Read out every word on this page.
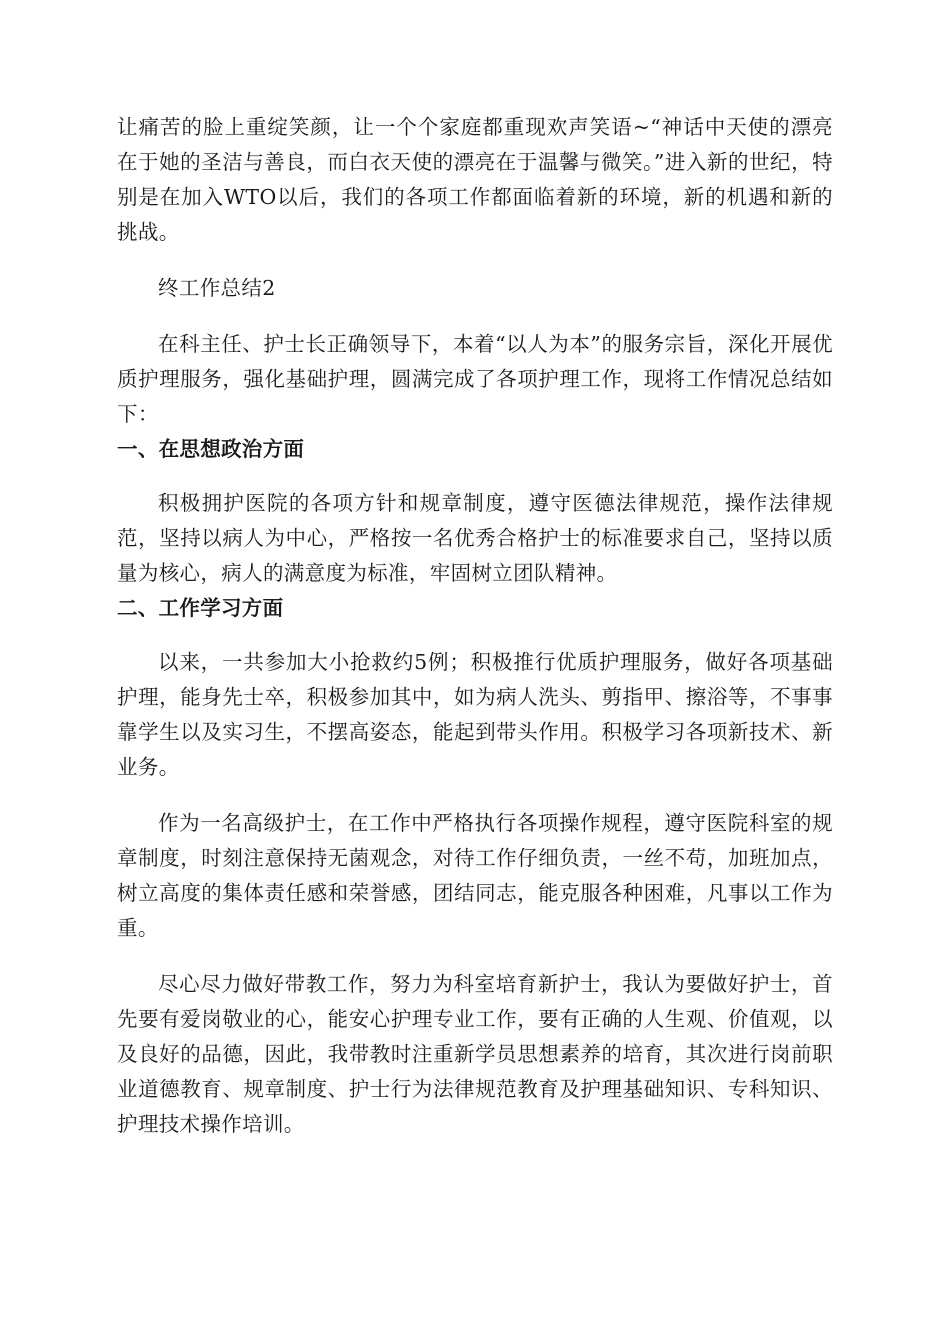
让痛苦的脸上重绽笑颜，让一个个家庭都重现欢声笑语~“神话中天使的漂亮在于她的圣洁与善良，而白衣天使的漂亮在于温馨与微笑。”进入新的世纪，特别是在加入WTO以后，我们的各项工作都面临着新的环境，新的机遇和新的挑战。

终工作总结2

在科主任、护士长正确领导下，本着“以人为本”的服务宗旨，深化开展优质护理服务，强化基础护理，圆满完成了各项护理工作，现将工作情况总结如下：

一、在思想政治方面

积极拥护医院的各项方针和规章制度，遵守医德法律规范，操作法律规范，坚持以病人为中心，严格按一名优秀合格护士的标准要求自己，坚持以质量为核心，病人的满意度为标准，牢固树立团队精神。

二、工作学习方面

以来，一共参加大小抢救约5例；积极推行优质护理服务，做好各项基础护理，能身先士卒，积极参加其中，如为病人洗头、剪指甲、擦浴等，不事事靠学生以及实习生，不摆高姿态，能起到带头作用。积极学习各项新技术、新业务。

作为一名高级护士，在工作中严格执行各项操作规程，遵守医院科室的规章制度，时刻注意保持无菌观念，对待工作仔细负责，一丝不苟，加班加点，树立高度的集体责任感和荣誉感，团结同志，能克服各种困难，凡事以工作为重。

尽心尽力做好带教工作，努力为科室培育新护士，我认为要做好护士，首先要有爱岗敬业的心，能安心护理专业工作，要有正确的人生观、价值观，以及良好的品德，因此，我带教时注重新学员思想素养的培育，其次进行岗前职业道德教育、规章制度、护士行为法律规范教育及护理基础知识、专科知识、护理技术操作培训。
